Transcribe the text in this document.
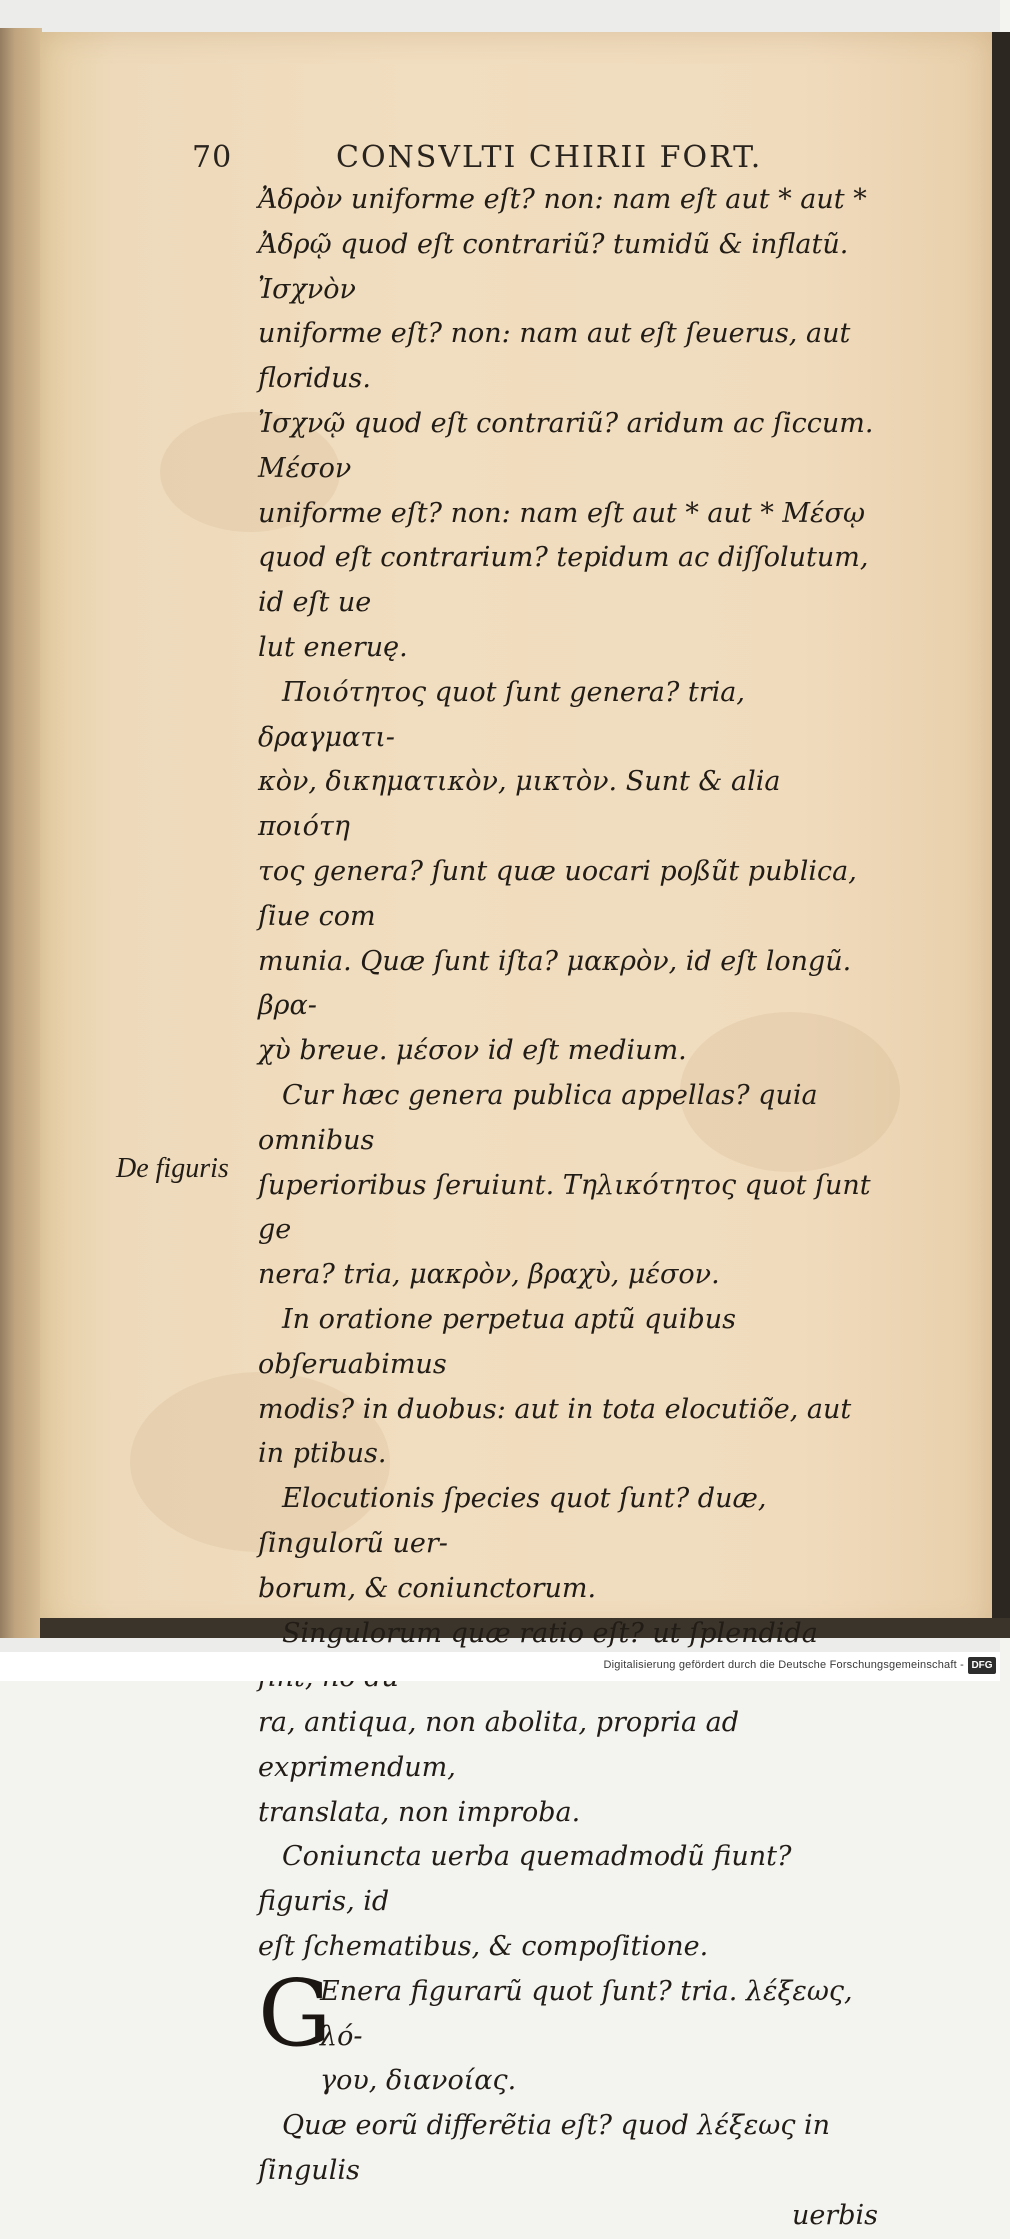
70	CONSVLTI CHIRII FORT.

Ἀδρὸν uniforme eſt? non: nam eſt aut * aut *
Ἀδρῷ quod eſt contrariũ? tumidũ & inflatũ. Ἰσχνὸν
uniforme eſt? non: nam aut eſt ſeuerus, aut floridus.
Ἰσχνῷ quod eſt contrariũ? aridum ac ſiccum. Μέσον
uniforme eſt? non: nam eſt aut * aut * Μέσῳ
quod eſt contrarium? tepidum ac diſſolutum, id eſt ue
lut eneruę.

Ποιότητος quot ſunt genera? tria, δραγματι-
κὸν, δικηματικὸν, μικτὸν. Sunt & alia ποιότη
τος genera? ſunt quæ uocari poßũt publica, ſiue com
munia. Quæ ſunt iſta? μακρὸν, id eſt longũ. βρα-
χὺ breue. μέσον id eſt medium.

Cur hæc genera publica appellas? quia omnibus
ſuperioribus ſeruiunt. Τηλικότητος quot ſunt ge
nera? tria, μακρὸν, βραχὺ, μέσον.

In oratione perpetua aptũ quibus obſeruabimus
modis? in duobus: aut in tota elocutiõe, aut in ptibus.

Elocutionis ſpecies quot ſunt? duæ, ſingulorũ uer-
borum, & coniunctorum.

Singulorum quæ ratio eſt? ut ſplendida
ra, antiqua, non abolita, propria ad exprimendum,
translata, non improba.

Coniuncta uerba quemadmodũ fiunt? figuris, id
eſt ſchematibus, & compoſitione.

G

Enera figurarũ quot ſunt? tria. λέξεως, λό-
γου, διανοίας.

Quæ eorũ differẽtia eſt? quod λέξεως in ſingulis

uerbis

De figuris
Digitalisierung gefördert durch die Deutsche Forschungsgemeinschaft - DFG
